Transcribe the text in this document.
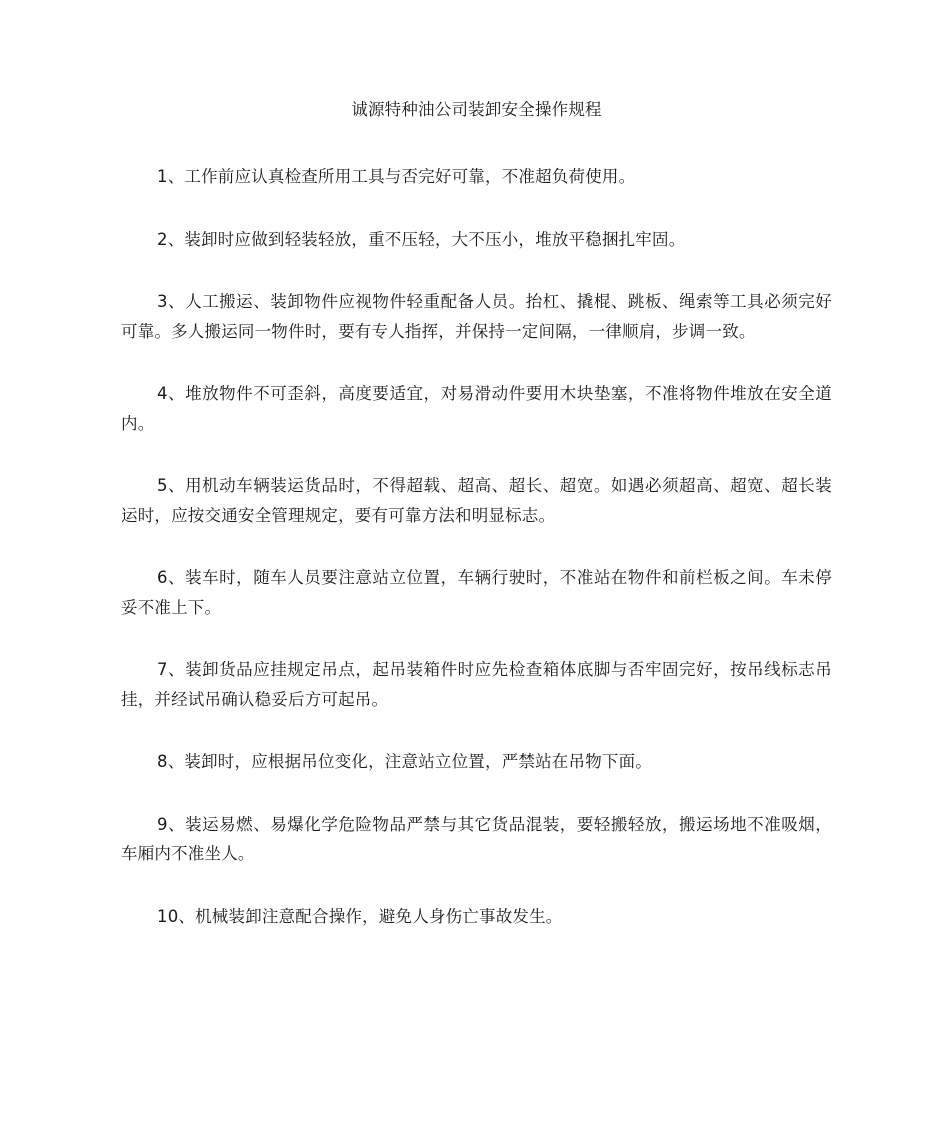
诚源特种油公司装卸安全操作规程

1、工作前应认真检查所用工具与否完好可靠，不准超负荷使用。

2、装卸时应做到轻装轻放，重不压轻，大不压小，堆放平稳捆扎牢固。

3、人工搬运、装卸物件应视物件轻重配备人员。抬杠、撬棍、跳板、绳索等工具必须完好可靠。多人搬运同一物件时，要有专人指挥，并保持一定间隔，一律顺肩，步调一致。

4、堆放物件不可歪斜，高度要适宜，对易滑动件要用木块垫塞，不准将物件堆放在安全道内。

5、用机动车辆装运货品时，不得超载、超高、超长、超宽。如遇必须超高、超宽、超长装运时，应按交通安全管理规定，要有可靠方法和明显标志。

6、装车时，随车人员要注意站立位置，车辆行驶时，不准站在物件和前栏板之间。车未停妥不准上下。

7、装卸货品应挂规定吊点，起吊装箱件时应先检查箱体底脚与否牢固完好，按吊线标志吊挂，并经试吊确认稳妥后方可起吊。

8、装卸时，应根据吊位变化，注意站立位置，严禁站在吊物下面。

9、装运易燃、易爆化学危险物品严禁与其它货品混装，要轻搬轻放，搬运场地不准吸烟，车厢内不准坐人。

10、机械装卸注意配合操作，避免人身伤亡事故发生。
